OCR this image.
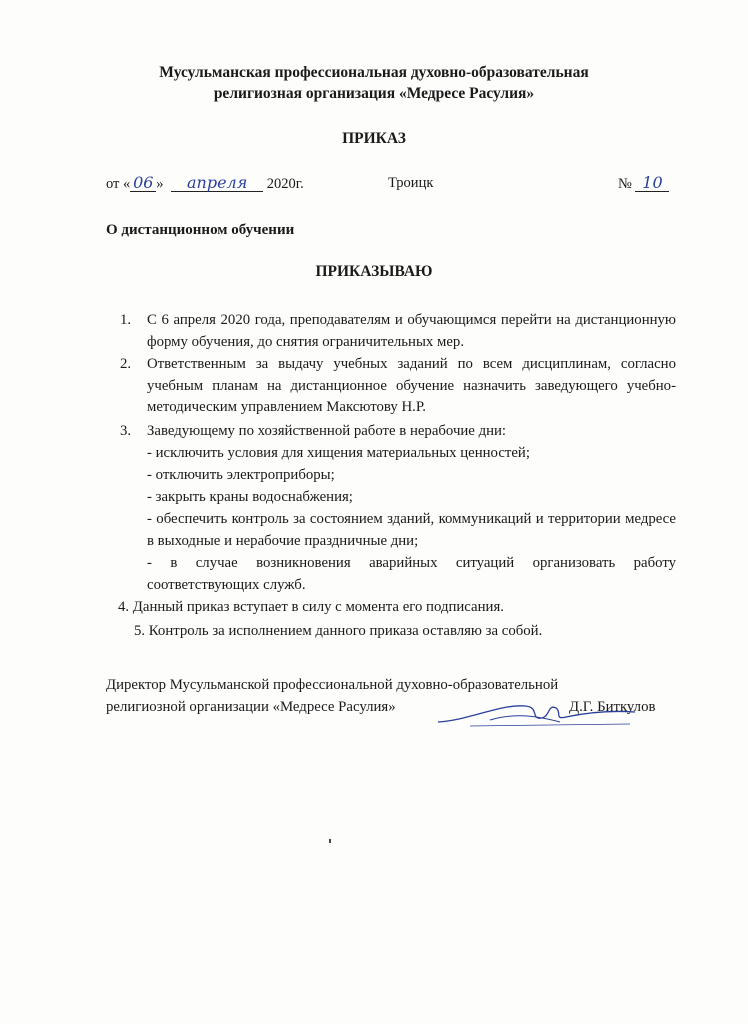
Мусульманская профессиональная духовно-образовательная
религиозная организация «Медресе Расулия»
ПРИКАЗ
от « 06 » апреля 2020г.	Троицк	№ 10
О дистанционном обучении
ПРИКАЗЫВАЮ
1. С 6 апреля 2020 года, преподавателям и обучающимся перейти на дистанционную форму обучения, до снятия ограничительных мер.
2. Ответственным за выдачу учебных заданий по всем дисциплинам, согласно учебным планам на дистанционное обучение назначить заведующего учебно-методическим управлением Максютову Н.Р.
3. Заведующему по хозяйственной работе в нерабочие дни:
- исключить условия для хищения материальных ценностей;
- отключить электроприборы;
- закрыть краны водоснабжения;
- обеспечить контроль за состоянием зданий, коммуникаций и территории медресе в выходные и нерабочие праздничные дни;
- в случае возникновения аварийных ситуаций организовать работу соответствующих служб.
4. Данный приказ вступает в силу с момента его подписания.
5. Контроль за исполнением данного приказа оставляю за собой.
Директор Мусульманской профессиональной духовно-образовательной
религиозной организации «Медресе Расулия»	Д.Г. Биткулов
